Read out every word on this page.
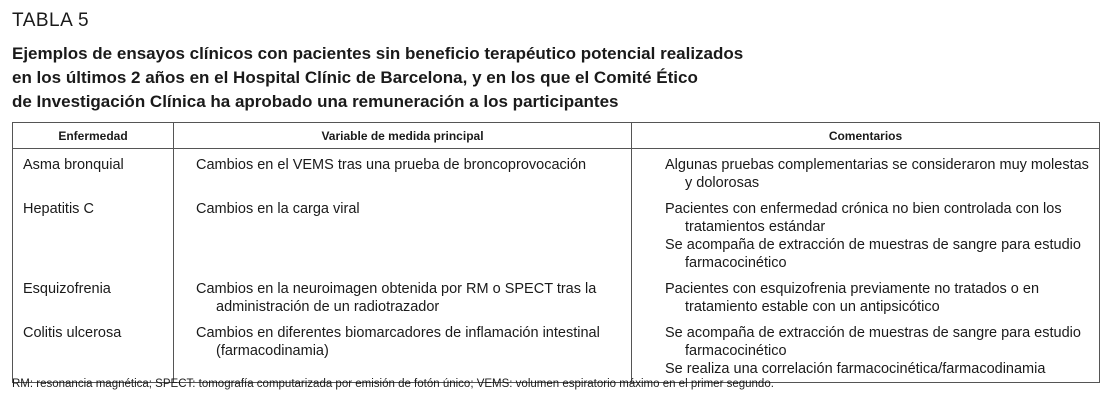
TABLA 5
Ejemplos de ensayos clínicos con pacientes sin beneficio terapéutico potencial realizados
en los últimos 2 años en el Hospital Clínic de Barcelona, y en los que el Comité Ético
de Investigación Clínica ha aprobado una remuneración a los participantes
Enfermedad	Variable de medida principal	Comentarios
Asma bronquial	Cambios en el VEMS tras una prueba de broncoprovocación	Algunas pruebas complementarias se consideraron muy molestas y dolorosas

Hepatitis C	Cambios en la carga viral	Pacientes con enfermedad crónica no bien controlada con los tratamientos estándar
Se acompaña de extracción de muestras de sangre para estudio farmacocinético

Esquizofrenia	Cambios en la neuroimagen obtenida por RM o SPECT tras la administración de un radiotrazador	Pacientes con esquizofrenia previamente no tratados o en tratamiento estable con un antipsicótico

Colitis ulcerosa	Cambios en diferentes biomarcadores de inflamación intestinal (farmacodinamia)	Se acompaña de extracción de muestras de sangre para estudio farmacocinético
Se realiza una correlación farmacocinética/farmacodinamia
RM: resonancia magnética; SPECT: tomografía computarizada por emisión de fotón único; VEMS: volumen espiratorio máximo en el primer segundo.
